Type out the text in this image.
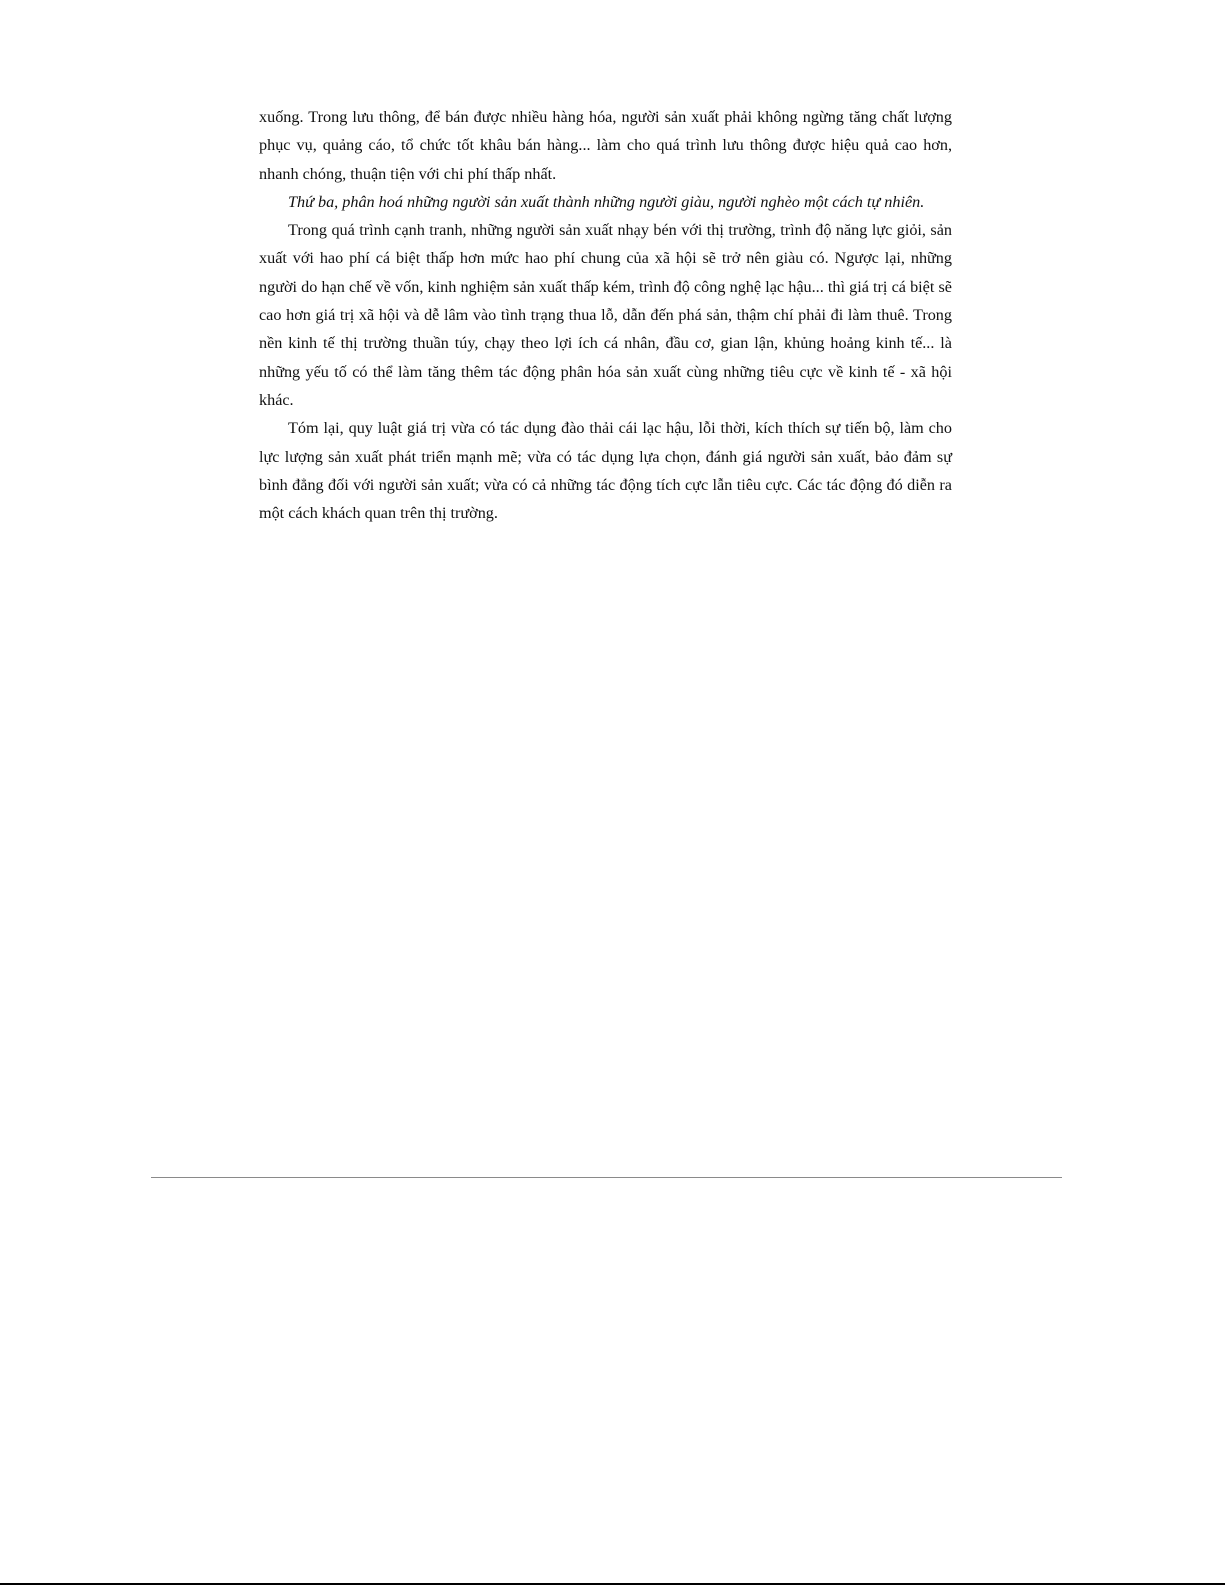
xuống. Trong lưu thông, để bán được nhiều hàng hóa, người sản xuất phải không ngừng tăng chất lượng phục vụ, quảng cáo, tổ chức tốt khâu bán hàng... làm cho quá trình lưu thông được hiệu quả cao hơn, nhanh chóng, thuận tiện với chi phí thấp nhất.

Thứ ba, phân hoá những người sản xuất thành những người giàu, người nghèo một cách tự nhiên.

Trong quá trình cạnh tranh, những người sản xuất nhạy bén với thị trường, trình độ năng lực giỏi, sản xuất với hao phí cá biệt thấp hơn mức hao phí chung của xã hội sẽ trở nên giàu có. Ngược lại, những người do hạn chế về vốn, kinh nghiệm sản xuất thấp kém, trình độ công nghệ lạc hậu... thì giá trị cá biệt sẽ cao hơn giá trị xã hội và dễ lâm vào tình trạng thua lỗ, dẫn đến phá sản, thậm chí phải đi làm thuê. Trong nền kinh tế thị trường thuần túy, chạy theo lợi ích cá nhân, đầu cơ, gian lận, khủng hoảng kinh tế... là những yếu tố có thể làm tăng thêm tác động phân hóa sản xuất cùng những tiêu cực về kinh tế - xã hội khác.

Tóm lại, quy luật giá trị vừa có tác dụng đào thải cái lạc hậu, lỗi thời, kích thích sự tiến bộ, làm cho lực lượng sản xuất phát triển mạnh mẽ; vừa có tác dụng lựa chọn, đánh giá người sản xuất, bảo đảm sự bình đẳng đối với người sản xuất; vừa có cả những tác động tích cực lẫn tiêu cực. Các tác động đó diễn ra một cách khách quan trên thị trường.
